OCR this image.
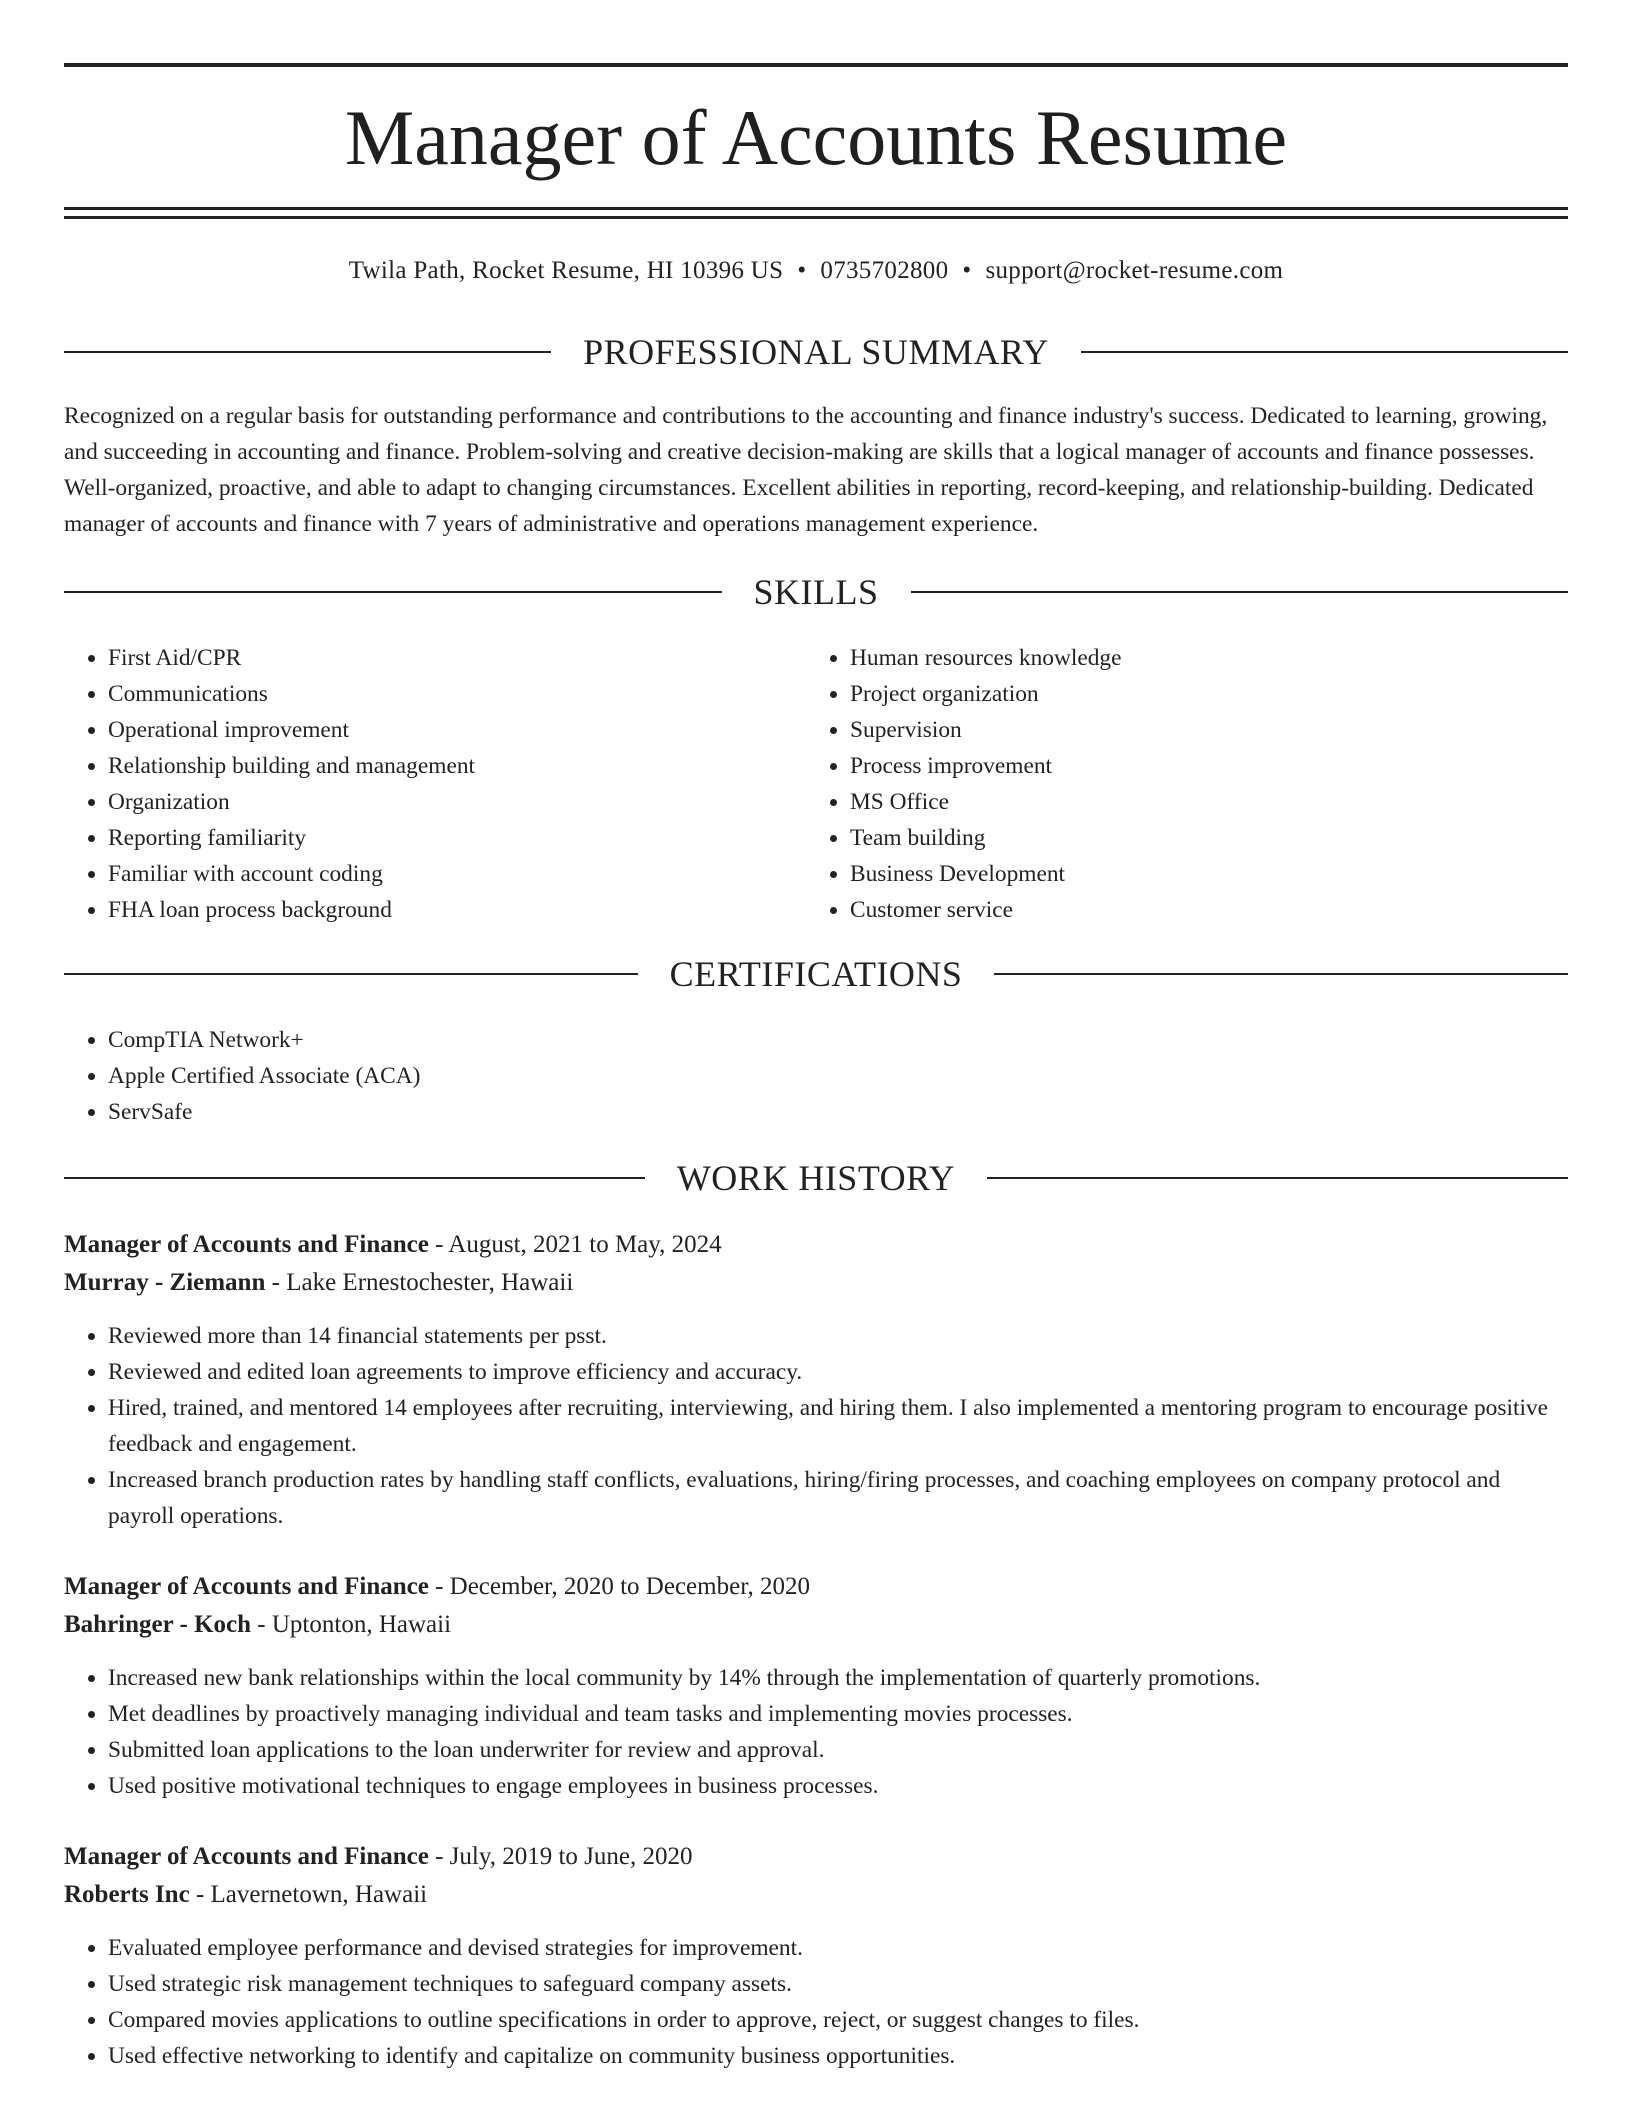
Manager of Accounts Resume
Twila Path, Rocket Resume, HI 10396 US • 0735702800 • support@rocket-resume.com
PROFESSIONAL SUMMARY

Recognized on a regular basis for outstanding performance and contributions to the accounting and finance industry's success. Dedicated to learning, growing, and succeeding in accounting and finance. Problem-solving and creative decision-making are skills that a logical manager of accounts and finance possesses. Well-organized, proactive, and able to adapt to changing circumstances. Excellent abilities in reporting, record-keeping, and relationship-building. Dedicated manager of accounts and finance with 7 years of administrative and operations management experience.

SKILLS
• First Aid/CPR
• Communications
• Operational improvement
• Relationship building and management
• Organization
• Reporting familiarity
• Familiar with account coding
• FHA loan process background
• Human resources knowledge
• Project organization
• Supervision
• Process improvement
• MS Office
• Team building
• Business Development
• Customer service
CERTIFICATIONS
• CompTIA Network+
• Apple Certified Associate (ACA)
• ServSafe
WORK HISTORY
Manager of Accounts and Finance - August, 2021 to May, 2024
Murray - Ziemann - Lake Ernestochester, Hawaii
• Reviewed more than 14 financial statements per psst.
• Reviewed and edited loan agreements to improve efficiency and accuracy.
• Hired, trained, and mentored 14 employees after recruiting, interviewing, and hiring them. I also implemented a mentoring program to encourage positive feedback and engagement.
• Increased branch production rates by handling staff conflicts, evaluations, hiring/firing processes, and coaching employees on company protocol and payroll operations.
Manager of Accounts and Finance - December, 2020 to December, 2020
Bahringer - Koch - Uptonton, Hawaii
• Increased new bank relationships within the local community by 14% through the implementation of quarterly promotions.
• Met deadlines by proactively managing individual and team tasks and implementing movies processes.
• Submitted loan applications to the loan underwriter for review and approval.
• Used positive motivational techniques to engage employees in business processes.
Manager of Accounts and Finance - July, 2019 to June, 2020
Roberts Inc - Lavernetown, Hawaii
• Evaluated employee performance and devised strategies for improvement.
• Used strategic risk management techniques to safeguard company assets.
• Compared movies applications to outline specifications in order to approve, reject, or suggest changes to files.
• Used effective networking to identify and capitalize on community business opportunities.
